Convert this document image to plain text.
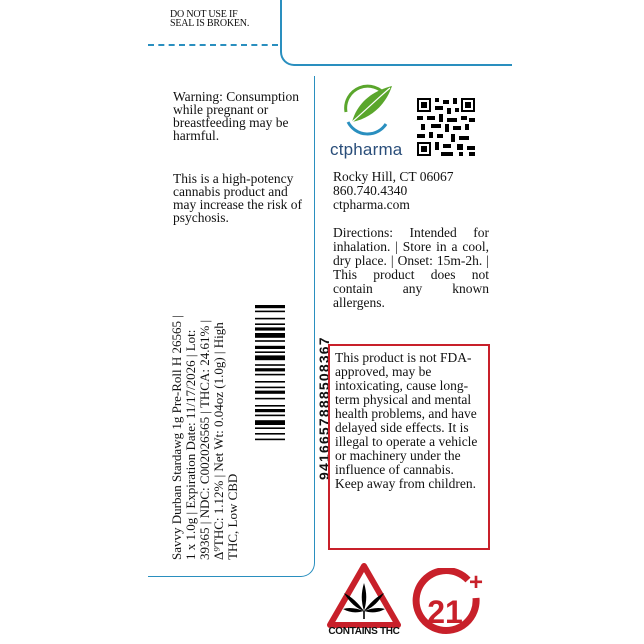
DO NOT USE IF
SEAL IS BROKEN.
Warning: Consumption while pregnant or breastfeeding may be harmful.
This is a high-potency cannabis product and may increase the risk of psychosis.
Savvy Durban Stardawg 1g Pre-Roll H 26565 | 1 x 1.0g | Expiration Date: 11/17/2026 | Lot: 39365 | NDC: C002026565 | THCA: 24.61% | Δ⁹THC: 1.12% | Net Wt: 0.04oz (1.0g) | High THC, Low CBD
941665788850836​7
ctpharma
Rocky Hill, CT 06067
860.740.4340
ctpharma.com
Directions: Intended for inhalation. | Store in a cool, dry place. | Onset: 15m-2h. | This product does not contain any known allergens.
This product is not FDA-approved, may be intoxicating, cause long-term physical and mental health problems, and have delayed side effects. It is illegal to operate a vehicle or machinery under the influence of cannabis. Keep away from children.
CONTAINS THC
21
+
